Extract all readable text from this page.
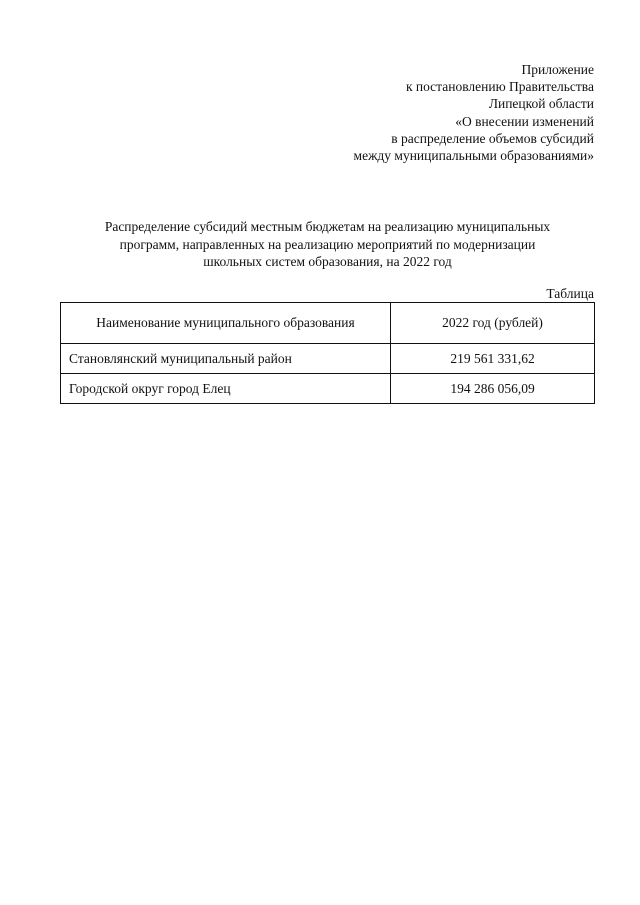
Приложение
к постановлению Правительства
Липецкой области
«О внесении изменений
в распределение объемов субсидий
между муниципальными образованиями»
Распределение субсидий местным бюджетам на реализацию муниципальных
программ, направленных на реализацию мероприятий по модернизации
школьных систем образования, на 2022 год
Таблица
Наименование муниципального образования	2022 год (рублей)
Становлянский муниципальный район	219 561 331,62
Городской округ город Елец	194 286 056,09
